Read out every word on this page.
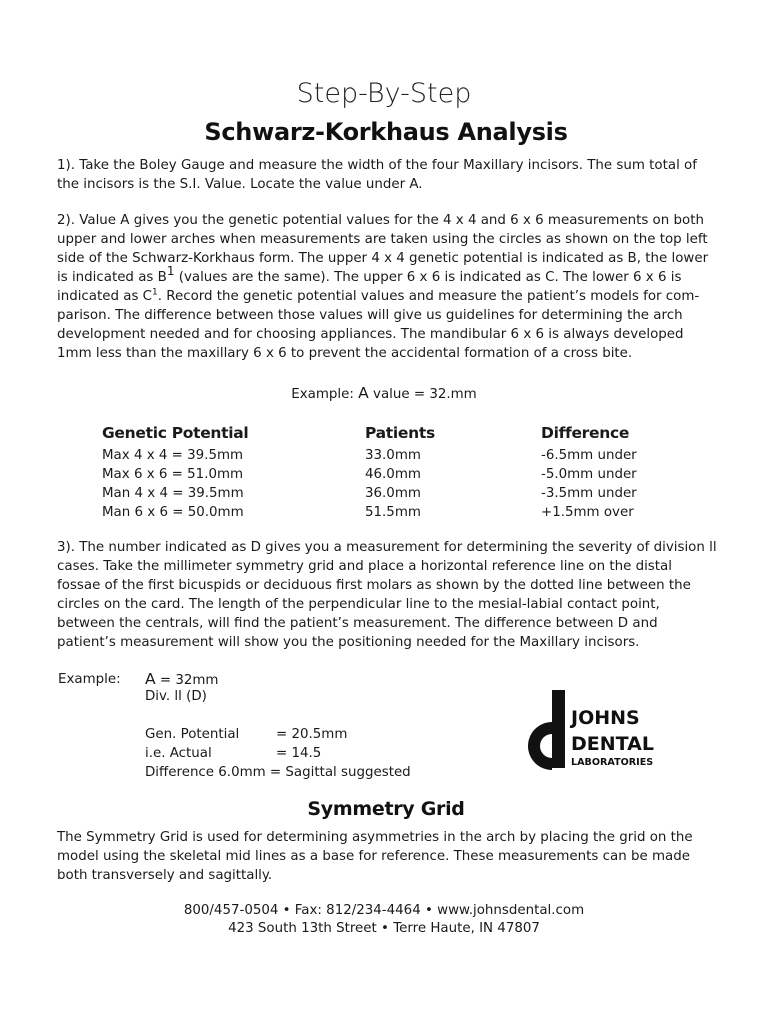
Step-By-Step
Schwarz-Korkhaus Analysis
1). Take the Boley Gauge and measure the width of the four Maxillary incisors. The sum total of the incisors is the S.I. Value. Locate the value under A.
2). Value A gives you the genetic potential values for the 4 x 4 and 6 x 6 measurements on both upper and lower arches when measurements are taken using the circles as shown on the top left side of the Schwarz-Korkhaus form. The upper 4 x 4 genetic potential is indicated as B, the lower is indicated as B1 (values are the same). The upper 6 x 6 is indicated as C. The lower 6 x 6 is indicated as $C^1$. Record the genetic potential values and measure the patient’s models for com-parison. The difference between those values will give us guidelines for determining the arch development needed and for choosing appliances. The mandibular 6 x 6 is always developed 1mm less than the maxillary 6 x 6 to prevent the accidental formation of a cross bite.
Example: A value = 32.mm
Genetic Potential
Max 4 x 4 = 39.5mm
Max 6 x 6 = 51.0mm
Man 4 x 4 = 39.5mm
Man 6 x 6 = 50.0mm
Patients
33.0mm
46.0mm
36.0mm
51.5mm
Difference
-6.5mm under
-5.0mm under
-3.5mm under
+1.5mm over
3). The number indicated as D gives you a measurement for determining the severity of division ll cases. Take the millimeter symmetry grid and place a horizontal reference line on the distal fossae of the first bicuspids or deciduous first molars as shown by the dotted line between the circles on the card. The length of the perpendicular line to the mesial-labial contact point, between the centrals, will find the patient’s measurement. The difference between D and patient’s measurement will show you the positioning needed for the Maxillary incisors.
Example: A = 32mm
Div. ll (D)
Gen. Potential	= 20.5mm
i.e. Actual	= 14.5
Difference 6.0mm = Sagittal suggested
JOHNS
DENTAL
LABORATORIES
Symmetry Grid
The Symmetry Grid is used for determining asymmetries in the arch by placing the grid on the model using the skeletal mid lines as a base for reference. These measurements can be made both transversely and sagittally.
800/457-0504 • Fax: 812/234-4464 • www.johnsdental.com
423 South 13th Street • Terre Haute, IN 47807
